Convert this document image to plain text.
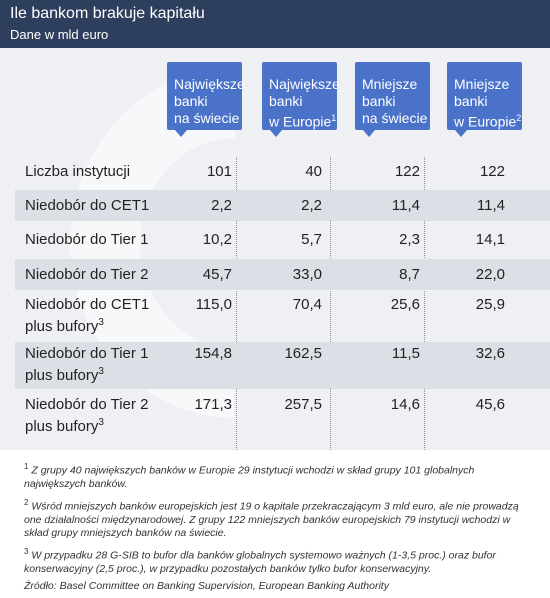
Ile bankom brakuje kapitału
Dane w mld euro
Największe
banki
na świecie
Największe
banki
w Europie$^1$
Mniejsze
banki
na świecie
Mniejsze
banki
w Europie$^2$
Liczba instytucji	101	40	122	122
Niedobór do CET1	2,2	2,2	11,4	11,4
Niedobór do Tier 1	10,2	5,7	2,3	14,1
Niedobór do Tier 2	45,7	33,0	8,7	22,0
Niedobór do CET1
plus bufory$^3$
115,0	70,4	25,6	25,9
Niedobór do Tier 1
plus bufory$^3$
154,8	162,5	11,5	32,6
Niedobór do Tier 2
plus bufory$^3$
171,3	257,5	14,6	45,6
$^1$ Z grupy 40 największych banków w Europie 29 instytucji wchodzi w skład grupy 101 globalnych największych banków.
$^2$ Wśród mniejszych banków europejskich jest 19 o kapitale przekraczającym 3 mld euro, ale nie prowadzą one działalności międzynarodowej. Z grupy 122 mniejszych banków europejskich 79 instytucji wchodzi w skład grupy mniejszych banków na świecie.
$^3$ W przypadku 28 G-SIB to bufor dla banków globalnych systemowo ważnych (1-3,5 proc.) oraz bufor konserwacyjny (2,5 proc.), w przypadku pozostałych banków tylko bufor konserwacyjny.
Źródło: Basel Committee on Banking Supervision, European Banking Authority
